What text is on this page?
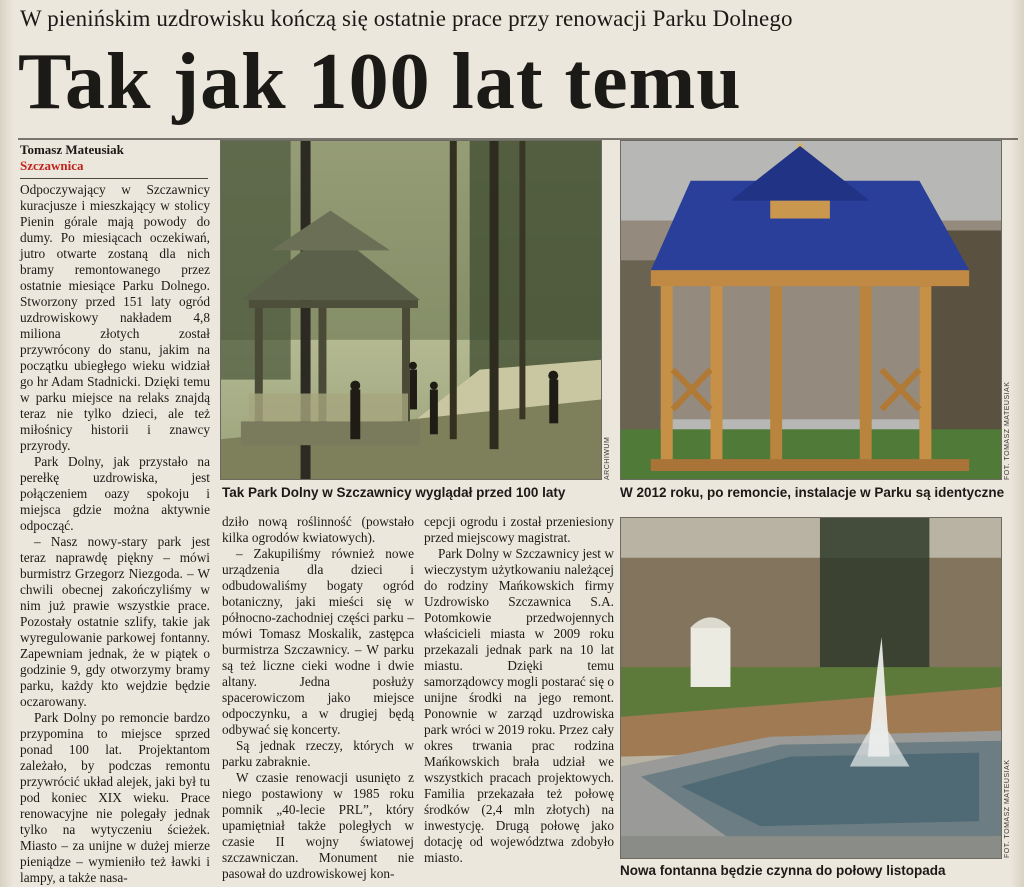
W pienińskim uzdrowisku kończą się ostatnie prace przy renowacji Parku Dolnego
Tak jak 100 lat temu
Tomasz Mateusiak
Szczawnica

Odpoczywający w Szczawnicy kuracjusze i mieszkający w stolicy Pienin górale mają powody do dumy. Po miesiącach oczekiwań, jutro otwarte zostaną dla nich bramy remontowanego przez ostatnie miesiące Parku Dolnego. Stworzony przed 151 laty ogród uzdrowiskowy nakładem 4,8 miliona złotych został przywrócony do stanu, jakim na początku ubiegłego wieku widział go hr Adam Stadnicki. Dzięki temu w parku miejsce na relaks znajdą teraz nie tylko dzieci, ale też miłośnicy historii i znawcy przyrody.

Park Dolny, jak przystało na perełkę uzdrowiska, jest połączeniem oazy spokoju i miejsca gdzie można aktywnie odpocząć.

– Nasz nowy-stary park jest teraz naprawdę piękny – mówi burmistrz Grzegorz Niezgoda. – W chwili obecnej zakończyliśmy w nim już prawie wszystkie prace. Pozostały ostatnie szlify, takie jak wyregulowanie parkowej fontanny. Zapewniam jednak, że w piątek o godzinie 9, gdy otworzymy bramy parku, każdy kto wejdzie będzie oczarowany.

Park Dolny po remoncie bardzo przypomina to miejsce sprzed ponad 100 lat. Projektantom zależało, by podczas remontu przywrócić układ alejek, jaki był tu pod koniec XIX wieku. Prace renowacyjne nie polegały jednak tylko na wytyczeniu ścieżek. Miasto – za unijne w dużej mierze pieniądze – wymieniło też ławki i lampy, a także nasa-

dziło nową roślinność (powstało kilka ogrodów kwiatowych).

– Zakupiliśmy również nowe urządzenia dla dzieci i odbudowaliśmy bogaty ogród botaniczny, jaki mieści się w północno-zachodniej części parku – mówi Tomasz Moskalik, zastępca burmistrza Szczawnicy. – W parku są też liczne cieki wodne i dwie altany. Jedna posłuży spacerowiczom jako miejsce odpoczynku, a w drugiej będą odbywać się koncerty.

Są jednak rzeczy, których w parku zabraknie.

W czasie renowacji usunięto z niego postawiony w 1985 roku pomnik „40-lecie PRL”, który upamiętniał także poległych w czasie II wojny światowej szczawniczan. Monument nie pasował do uzdrowiskowej kon-

cepcji ogrodu i został przeniesiony przed miejscowy magistrat.

Park Dolny w Szczawnicy jest w wieczystym użytkowaniu należącej do rodziny Mańkowskich firmy Uzdrowisko Szczawnica S.A. Potomkowie przedwojennych właścicieli miasta w 2009 roku przekazali jednak park na 10 lat miastu. Dzięki temu samorządowcy mogli postarać się o unijne środki na jego remont. Ponownie w zarząd uzdrowiska park wróci w 2019 roku. Przez cały okres trwania prac rodzina Mańkowskich brała udział we wszystkich pracach projektowych. Familia przekazała też połowę środków (2,4 mln złotych) na inwestycję. Drugą połowę jako dotację od województwa zdobyło miasto.

ARCHIWUM
Tak Park Dolny w Szczawnicy wyglądał przed 100 laty
FOT. TOMASZ MATEUSIAK
W 2012 roku, po remoncie, instalacje w Parku są identyczne
FOT. TOMASZ MATEUSIAK
Nowa fontanna będzie czynna do połowy listopada
